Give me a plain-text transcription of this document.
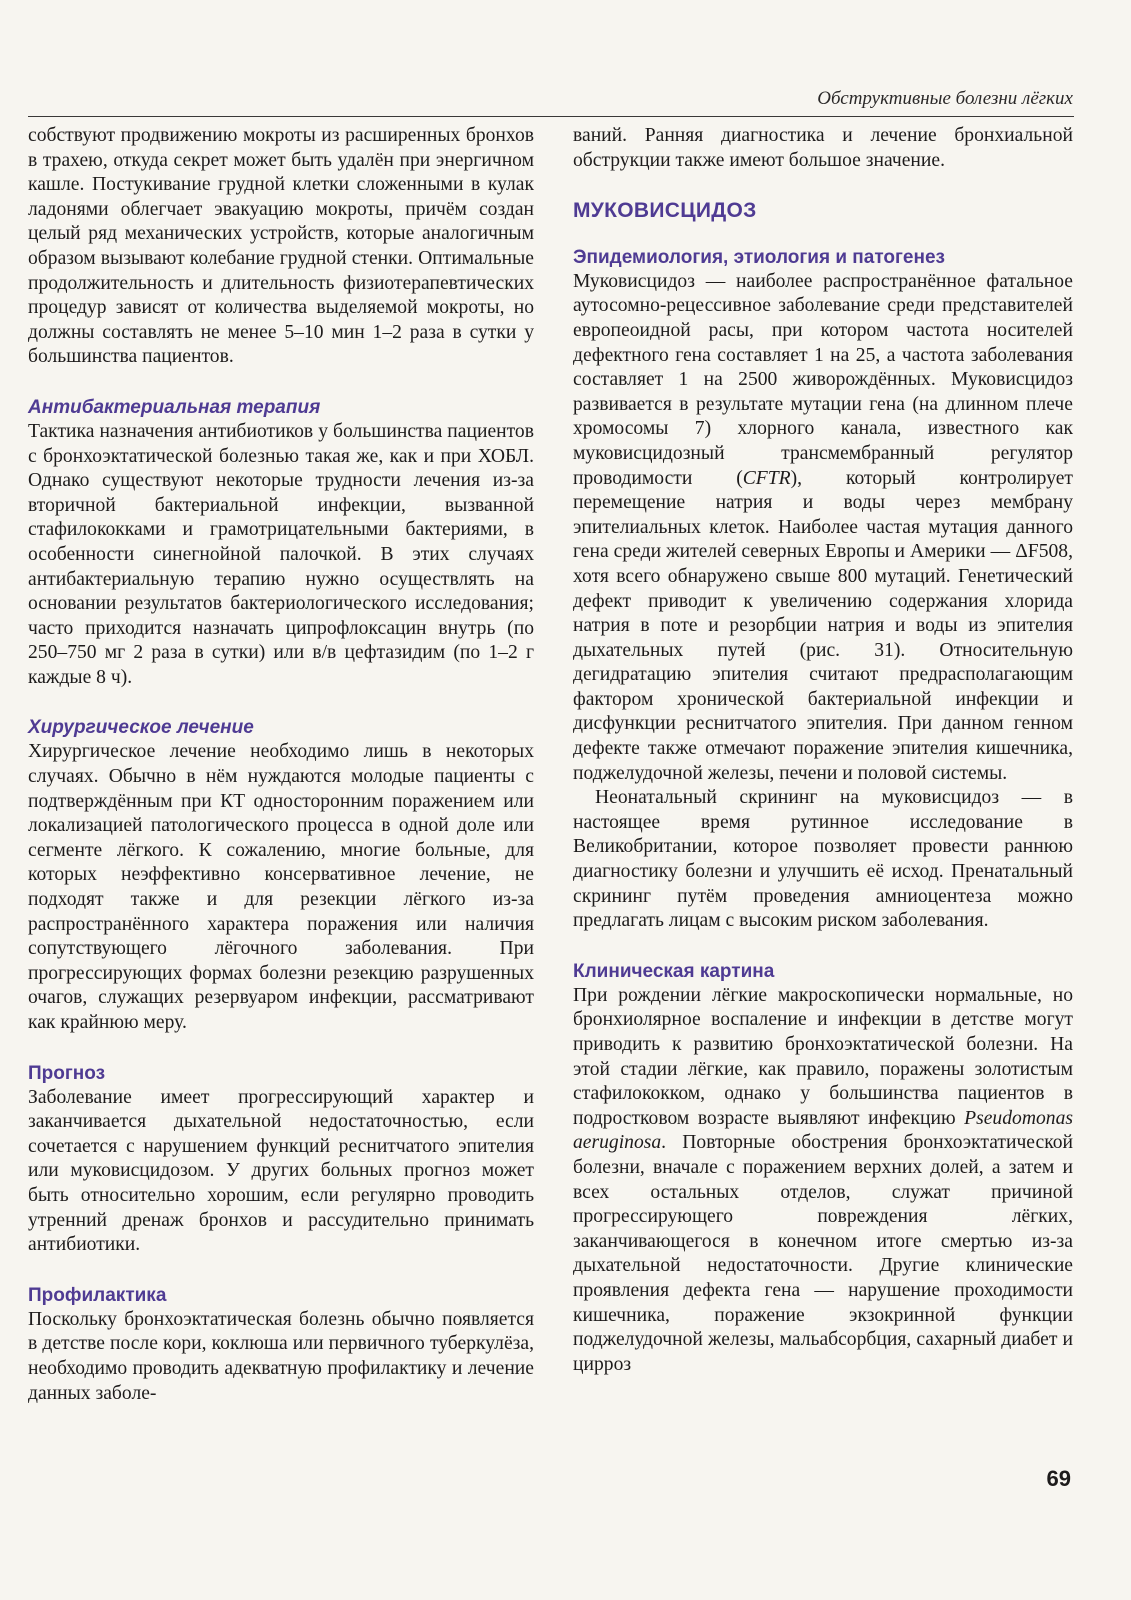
Обструктивные болезни лёгких

собствуют продвижению мокроты из расширенных бронхов в трахею, откуда секрет может быть удалён при энергичном кашле. Постукивание грудной клетки сложенными в кулак ладонями облегчает эвакуацию мокроты, причём создан целый ряд механических устройств, которые аналогичным образом вызывают колебание грудной стенки. Оптимальные продолжительность и длительность физиотерапевтических процедур зависят от количества выделяемой мокроты, но должны составлять не менее 5–10 мин 1–2 раза в сутки у большинства пациентов.

Антибактериальная терапия

Тактика назначения антибиотиков у большинства пациентов с бронхоэктатической болезнью такая же, как и при ХОБЛ. Однако существуют некоторые трудности лечения из-за вторичной бактериальной инфекции, вызванной стафилококками и грамотрицательными бактериями, в особенности синегнойной палочкой. В этих случаях антибактериальную терапию нужно осуществлять на основании результатов бактериологического исследования; часто приходится назначать ципрофлоксацин внутрь (по 250–750 мг 2 раза в сутки) или в/в цефтазидим (по 1–2 г каждые 8 ч).

Хирургическое лечение

Хирургическое лечение необходимо лишь в некоторых случаях. Обычно в нём нуждаются молодые пациенты с подтверждённым при КТ односторонним поражением или локализацией патологического процесса в одной доле или сегменте лёгкого. К сожалению, многие больные, для которых неэффективно консервативное лечение, не подходят также и для резекции лёгкого из-за распространённого характера поражения или наличия сопутствующего лёгочного заболевания. При прогрессирующих формах болезни резекцию разрушенных очагов, служащих резервуаром инфекции, рассматривают как крайнюю меру.

Прогноз

Заболевание имеет прогрессирующий характер и заканчивается дыхательной недостаточностью, если сочетается с нарушением функций реснитчатого эпителия или муковисцидозом. У других больных прогноз может быть относительно хорошим, если регулярно проводить утренний дренаж бронхов и рассудительно принимать антибиотики.

Профилактика

Поскольку бронхоэктатическая болезнь обычно появляется в детстве после кори, коклюша или первичного туберкулёза, необходимо проводить адекватную профилактику и лечение данных заболе-

ваний. Ранняя диагностика и лечение бронхиальной обструкции также имеют большое значение.

МУКОВИСЦИДОЗ
Эпидемиология, этиология и патогенез

Муковисцидоз — наиболее распространённое фатальное аутосомно-рецессивное заболевание среди представителей европеоидной расы, при котором частота носителей дефектного гена составляет 1 на 25, а частота заболевания составляет 1 на 2500 живорождённых. Муковисцидоз развивается в результате мутации гена (на длинном плече хромосомы 7) хлорного канала, известного как муковисцидозный трансмембранный регулятор проводимости (CFTR), который контролирует перемещение натрия и воды через мембрану эпителиальных клеток. Наиболее частая мутация данного гена среди жителей северных Европы и Америки — ΔF508, хотя всего обнаружено свыше 800 мутаций. Генетический дефект приводит к увеличению содержания хлорида натрия в поте и резорбции натрия и воды из эпителия дыхательных путей (рис. 31). Относительную дегидратацию эпителия считают предрасполагающим фактором хронической бактериальной инфекции и дисфункции реснитчатого эпителия. При данном генном дефекте также отмечают поражение эпителия кишечника, поджелудочной железы, печени и половой системы.

Неонатальный скрининг на муковисцидоз — в настоящее время рутинное исследование в Великобритании, которое позволяет провести раннюю диагностику болезни и улучшить её исход. Пренатальный скрининг путём проведения амниоцентеза можно предлагать лицам с высоким риском заболевания.

Клиническая картина

При рождении лёгкие макроскопически нормальные, но бронхиолярное воспаление и инфекции в детстве могут приводить к развитию бронхоэктатической болезни. На этой стадии лёгкие, как правило, поражены золотистым стафилококком, однако у большинства пациентов в подростковом возрасте выявляют инфекцию Pseudomonas aeruginosa. Повторные обострения бронхоэктатической болезни, вначале с поражением верхних долей, а затем и всех остальных отделов, служат причиной прогрессирующего повреждения лёгких, заканчивающегося в конечном итоге смертью из-за дыхательной недостаточности. Другие клинические проявления дефекта гена — нарушение проходимости кишечника, поражение экзокринной функции поджелудочной железы, мальабсорбция, сахарный диабет и цирроз

69
